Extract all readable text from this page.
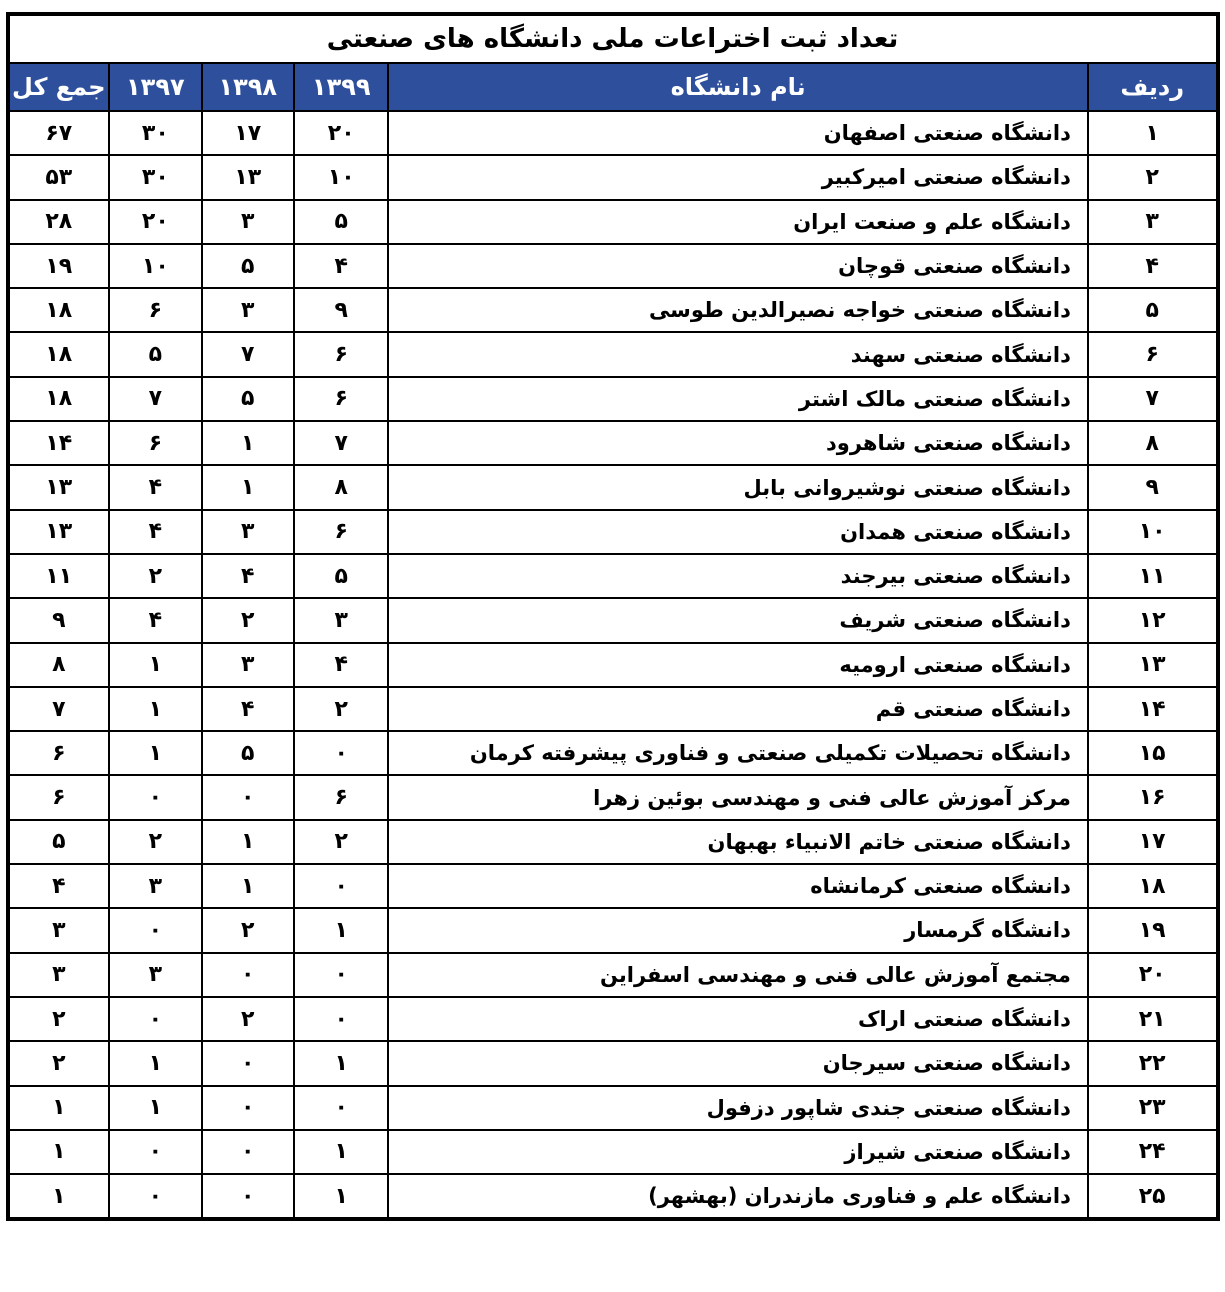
تعداد ثبت اختراعات ملی دانشگاه های صنعتی					
ردیف	نام دانشگاه	۱۳۹۹	۱۳۹۸	۱۳۹۷	جمع کل
۱	دانشگاه صنعتی اصفهان	۲۰	۱۷	۳۰	۶۷
۲	دانشگاه صنعتی امیرکبیر	۱۰	۱۳	۳۰	۵۳
۳	دانشگاه علم و صنعت ایران	۵	۳	۲۰	۲۸
۴	دانشگاه صنعتی قوچان	۴	۵	۱۰	۱۹
۵	دانشگاه صنعتی خواجه نصیرالدین طوسی	۹	۳	۶	۱۸
۶	دانشگاه صنعتی سهند	۶	۷	۵	۱۸
۷	دانشگاه صنعتی مالک اشتر	۶	۵	۷	۱۸
۸	دانشگاه صنعتی شاهرود	۷	۱	۶	۱۴
۹	دانشگاه صنعتی نوشیروانی بابل	۸	۱	۴	۱۳
۱۰	دانشگاه صنعتی همدان	۶	۳	۴	۱۳
۱۱	دانشگاه صنعتی بیرجند	۵	۴	۲	۱۱
۱۲	دانشگاه صنعتی شریف	۳	۲	۴	۹
۱۳	دانشگاه صنعتی ارومیه	۴	۳	۱	۸
۱۴	دانشگاه صنعتی قم	۲	۴	۱	۷
۱۵	دانشگاه تحصیلات تکمیلی صنعتی و فناوری پیشرفته کرمان	۰	۵	۱	۶
۱۶	مرکز آموزش عالی فنی و مهندسی بوئین زهرا	۶	۰	۰	۶
۱۷	دانشگاه صنعتی خاتم الانبیاء بهبهان	۲	۱	۲	۵
۱۸	دانشگاه صنعتی کرمانشاه	۰	۱	۳	۴
۱۹	دانشگاه گرمسار	۱	۲	۰	۳
۲۰	مجتمع آموزش عالی فنی و مهندسی اسفراین	۰	۰	۳	۳
۲۱	دانشگاه صنعتی اراک	۰	۲	۰	۲
۲۲	دانشگاه صنعتی سیرجان	۱	۰	۱	۲
۲۳	دانشگاه صنعتی جندی شاپور دزفول	۰	۰	۱	۱
۲۴	دانشگاه صنعتی شیراز	۱	۰	۰	۱
۲۵	دانشگاه علم و فناوری مازندران (بهشهر)	۱	۰	۰	۱
